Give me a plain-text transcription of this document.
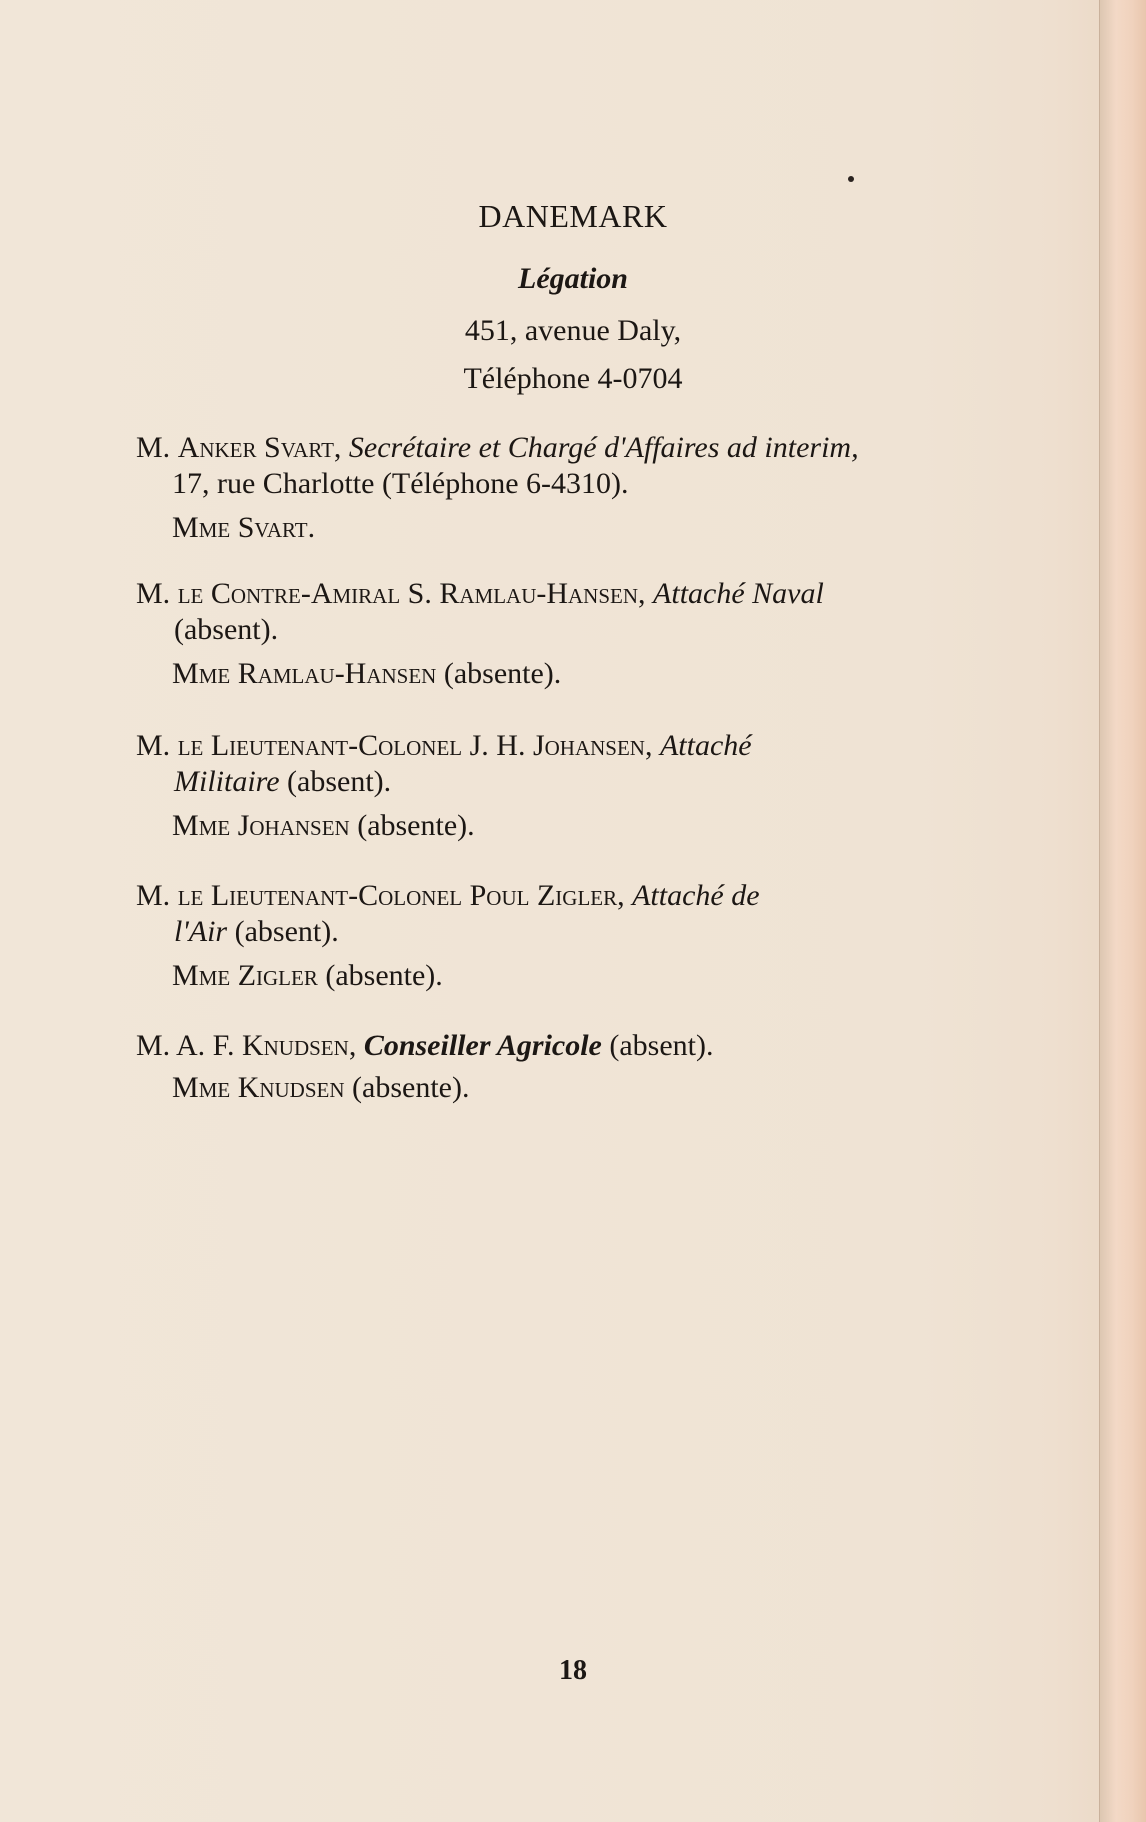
DANEMARK
Légation
451, avenue Daly,
Téléphone 4-0704

M. Anker Svart, Secrétaire et Chargé d'Affaires ad interim,

17, rue Charlotte (Téléphone 6-4310).

Mme Svart.

M. le Contre-Amiral S. Ramlau-Hansen, Attaché Naval

(absent).

Mme Ramlau-Hansen (absente).

M. le Lieutenant-Colonel J. H. Johansen, Attaché

Militaire (absent).

Mme Johansen (absente).

M. le Lieutenant-Colonel Poul Zigler, Attaché de

l'Air (absent).

Mme Zigler (absente).

M. A. F. Knudsen, Conseiller Agricole (absent).

Mme Knudsen (absente).

18
